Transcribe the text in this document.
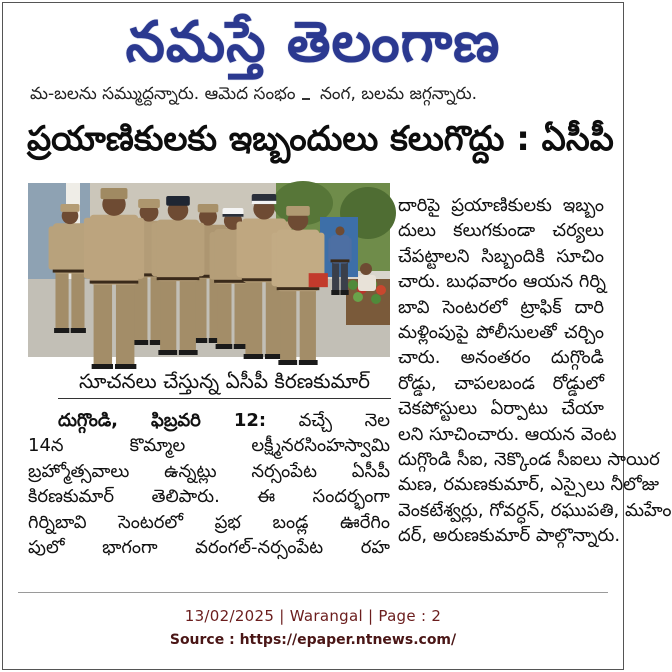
నమస్తే తెలంగాణ
మ-బలను సమ్ముద్దన్నారు. ఆమెద సంభం నంగ, బలమ జగ్గన్నారు.
ప్రయాణికులకు ఇబ్బందులు కలుగొద్దు : ఏసీపీ
సూచనలు చేస్తున్న ఏసీపీ కిరణ‌కుమార్
దారిపై ప్రయాణికులకు ఇబ్బం
దులు కలుగకుండా చర్యలు
చేపట్టాలని సిబ్బందికి సూచిం
చారు. బుధవారం ఆయన గిర్ని
బావి సెంటర‌లో ట్రాఫిక్ దారి
మళ్లింపుపై పోలీసులతో చర్చిం
చారు. అనంతరం దుగ్గొండి
రోడ్డు, చాపలబండ రోడ్డులో
చెక‌పోస్టులు ఏర్పాటు చేయా
లని సూచించారు. ఆయన వెంట
దుగ్గొండి సీఐ, నెక్కొండ సీఐలు సాయిర
మణ, రమణకుమార్, ఎస్సైలు నీలోజు
వెంకటేశ్వర్లు, గోవర్ధన్, రఘుపతి, మహేం
దర్, అరుణ‌కుమార్ పాల్గొన్నారు.
దుగ్గొండి, ఫిబ్రవరి 12: వచ్చే నెల
14న కొమ్మాల లక్ష్మీనరసింహస్వామి
బ్రహ్మోత్సవాలు ఉన్నట్లు నర్సంపేట ఏసీపీ
కిరణ‌కుమార్ తెలిపారు. ఈ సందర్భంగా
గిర్నిబావి సెంటర‌లో ప్రభ బండ్ల ఊరేగిం
పులో భాగంగా వరంగల్-నర్సంపేట రహ
13/02/2025 | Warangal | Page : 2
Source : https://epaper.ntnews.com/
